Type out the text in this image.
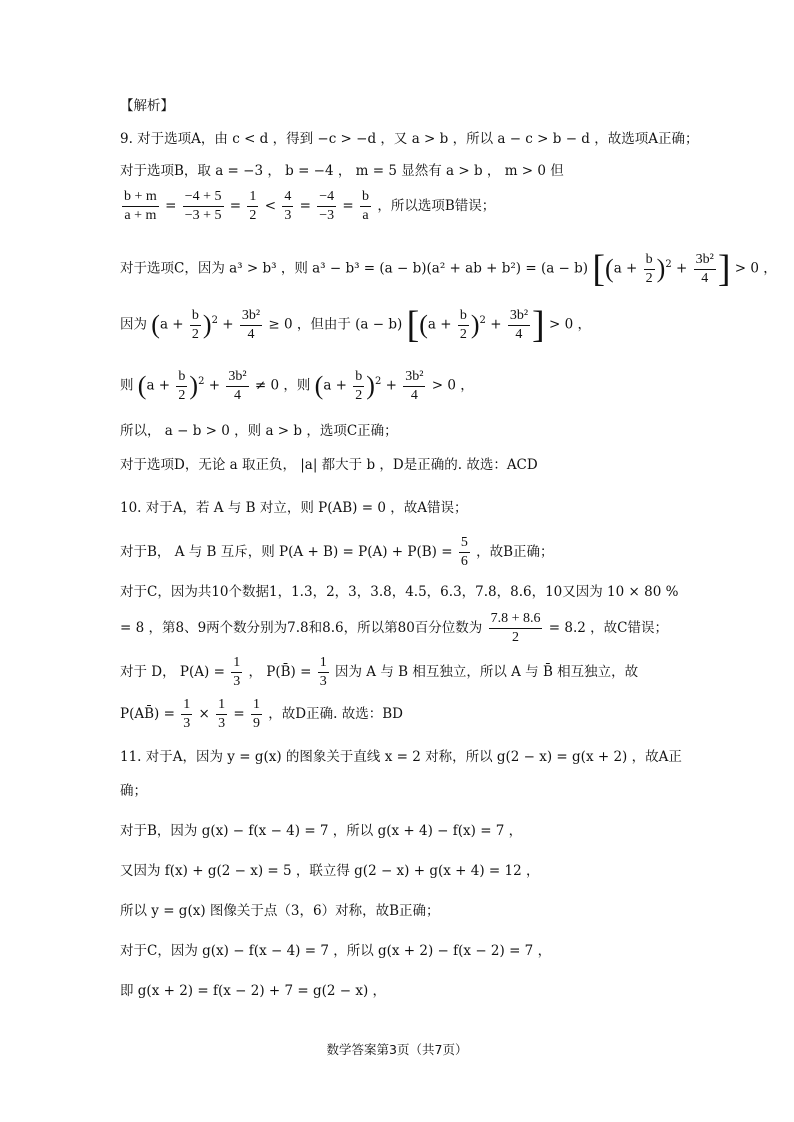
【解析】
9. 对于选项A，由 c < d ，得到 −c > −d ，又 a > b ，所以 a − c > b − d ，故选项A正确；
对于选项B，取 a = −3 ， b = −4 ， m = 5 显然有 a > b ， m > 0 但
$\frac{b + m}{a + m} = \frac{-4 + 5}{-3 + 5} = \frac{1}{2} < \frac{4}{3} = \frac{-4}{-3} = \frac{b}{a}$ ，所以选项B错误；
对于选项C，因为 a³ > b³ ，则 a³ − b³ = (a − b)(a² + ab + b²) = (a − b) [$(a + \frac{b}{2} )^2 + \frac{\text{3b²}}{4}$ ] > 0 ，
因为 $(a + \frac{b}{2} )^2 + \frac{\text{3b²}}{4} \ge 0$ ，但由于 (a − b) [$(a + \frac{b}{2} )^2 + \frac{\text{3b²}}{4}$ ] > 0 ，
则 $(a + \frac{b}{2} )^2 + \frac{\text{3b²}}{4} \ne 0$ ，则 $(a + \frac{b}{2} )^2 + \frac{\text{3b²}}{4} > 0$ ，
所以， a − b > 0 ，则 a > b ，选项C正确；
对于选项D，无论 a 取正负， |a| 都大于 b ，D是正确的. 故选：ACD
10. 对于A，若 A 与 B 对立，则 P(AB) = 0 ，故A错误；
对于B， A 与 B 互斥，则 $P(A + B) = P(A) + P(B) = \frac{5}{6}$ ，故B正确；
对于C，因为共10个数据1，1.3，2，3，3.8，4.5，6.3，7.8，8.6，10又因为 10 × 80 %
= 8 ，第8、9两个数分别为7.8和8.6，所以第80百分位数为 $\frac{7.8 + 8.6}{2} = 8.2$ ，故C错误；
对于 D， $P(A) = \frac{1}{3}$ ， P(B̄) = $\frac{1}{3}$ 因为 A 与 B 相互独立，所以 A 与 B̄ 相互独立，故
P(AB̄) = $\frac{1}{3} \times \frac{1}{3} = \frac{1}{9}$ ，故D正确. 故选：BD
11. 对于A，因为 y = g(x) 的图象关于直线 x = 2 对称，所以 g(2 − x) = g(x + 2) ，故A正
确；
对于B，因为 g(x) − f(x − 4) = 7 ，所以 g(x + 4) − f(x) = 7 ，
又因为 f(x) + g(2 − x) = 5 ，联立得 g(2 − x) + g(x + 4) = 12 ，
所以 y = g(x) 图像关于点（3，6）对称，故B正确；
对于C，因为 g(x) − f(x − 4) = 7 ，所以 g(x + 2) − f(x − 2) = 7 ，
即 g(x + 2) = f(x − 2) + 7 = g(2 − x) ，
数学答案第3页（共7页）
